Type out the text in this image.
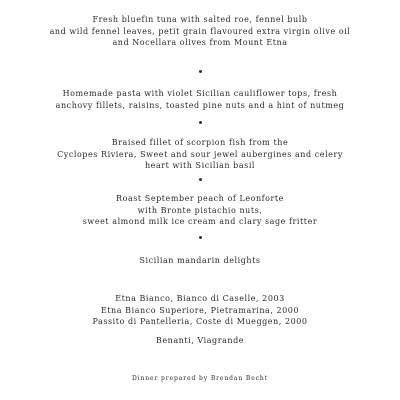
Fresh bluefin tuna with salted roe, fennel bulb
and wild fennel leaves, petit grain flavoured extra virgin olive oil
and Nocellara olives from Mount Etna
Homemade pasta with violet Sicilian cauliflower tops, fresh
anchovy fillets, raisins, toasted pine nuts and a hint of nutmeg
Braised fillet of scorpion fish from the
Cyclopes Riviera, Sweet and sour jewel aubergines and celery
heart with Sicilian basil
Roast September peach of Leonforte
with Bronte pistachio nuts,
sweet almond milk ice cream and clary sage fritter
Sicilian mandarin delights
Etna Bianco, Bianco di Caselle, 2003
Etna Bianco Superiore, Pietramarina, 2000
Passito di Pantelleria, Coste di Mueggen, 2000
Benanti, Viagrande
Dinner prepared by Brendan Becht
